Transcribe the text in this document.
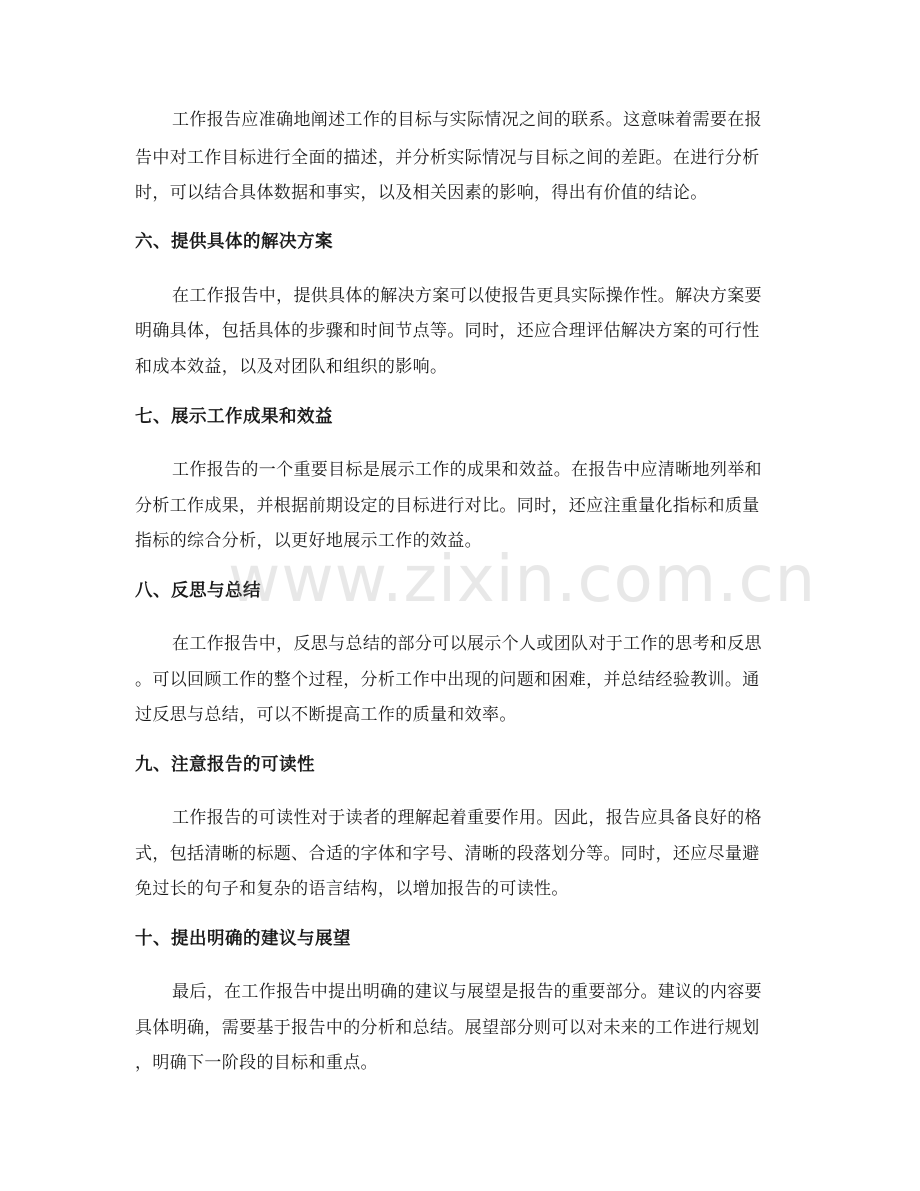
工作报告应准确地阐述工作的目标与实际情况之间的联系。这意味着需要在报
告中对工作目标进行全面的描述，并分析实际情况与目标之间的差距。在进行分析
时，可以结合具体数据和事实，以及相关因素的影响，得出有价值的结论。
六、提供具体的解决方案
在工作报告中，提供具体的解决方案可以使报告更具实际操作性。解决方案要
明确具体，包括具体的步骤和时间节点等。同时，还应合理评估解决方案的可行性
和成本效益，以及对团队和组织的影响。
七、展示工作成果和效益
工作报告的一个重要目标是展示工作的成果和效益。在报告中应清晰地列举和
分析工作成果，并根据前期设定的目标进行对比。同时，还应注重量化指标和质量
指标的综合分析，以更好地展示工作的效益。
八、反思与总结
在工作报告中，反思与总结的部分可以展示个人或团队对于工作的思考和反思
。可以回顾工作的整个过程，分析工作中出现的问题和困难，并总结经验教训。通
过反思与总结，可以不断提高工作的质量和效率。
九、注意报告的可读性
工作报告的可读性对于读者的理解起着重要作用。因此，报告应具备良好的格
式，包括清晰的标题、合适的字体和字号、清晰的段落划分等。同时，还应尽量避
免过长的句子和复杂的语言结构，以增加报告的可读性。
十、提出明确的建议与展望
最后，在工作报告中提出明确的建议与展望是报告的重要部分。建议的内容要
具体明确，需要基于报告中的分析和总结。展望部分则可以对未来的工作进行规划
，明确下一阶段的目标和重点。
www.zixin.com.cn
